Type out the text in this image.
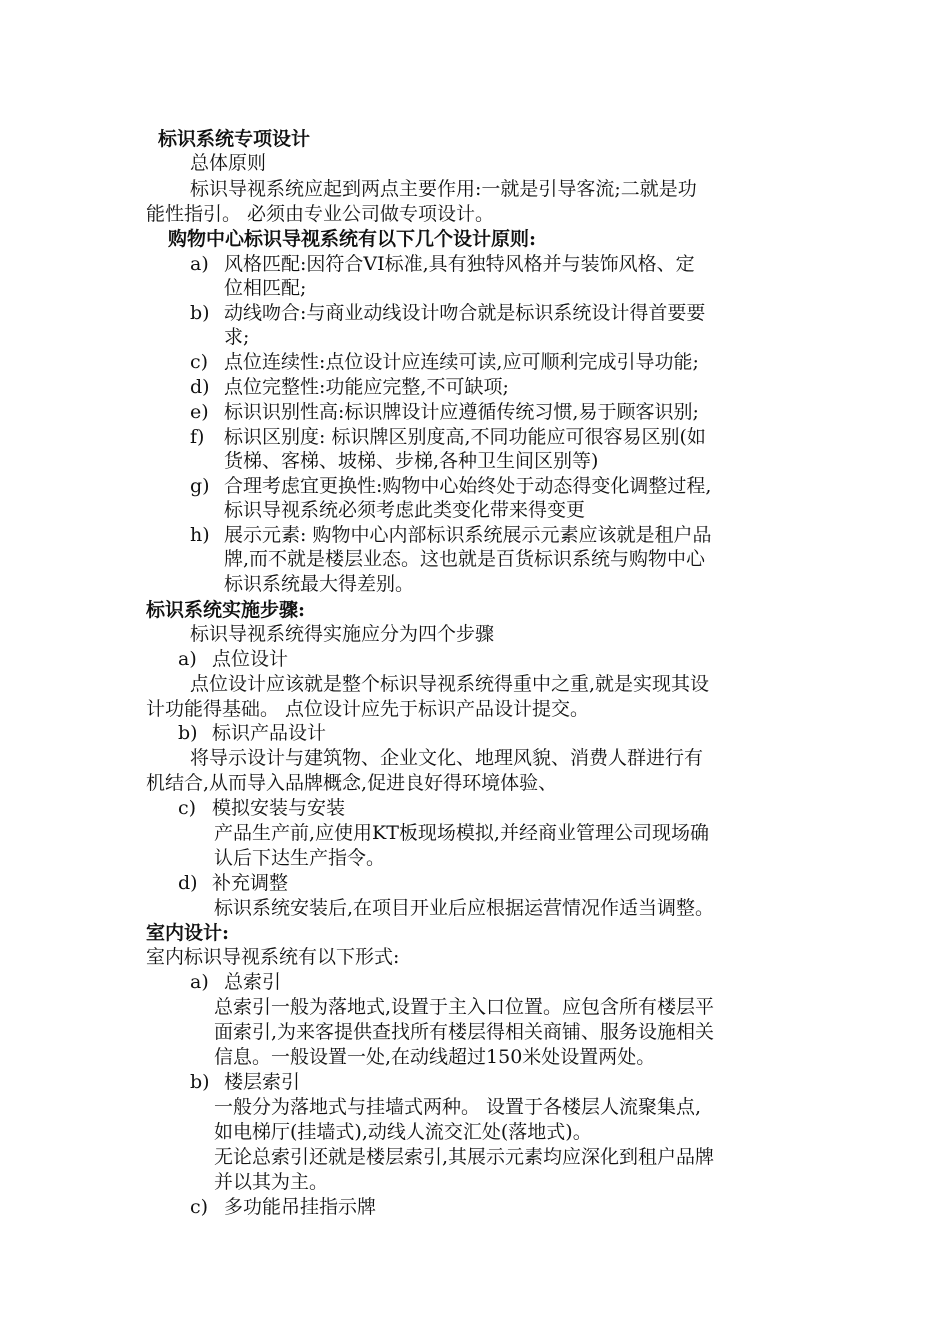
标识系统专项设计
总体原则
标识导视系统应起到两点主要作用:一就是引导客流;二就是功
能性指引。 必须由专业公司做专项设计。
购物中心标识导视系统有以下几个设计原则:
a) 风格匹配:因符合VI标准,具有独特风格并与装饰风格、定
位相匹配;
b) 动线吻合:与商业动线设计吻合就是标识系统设计得首要要
求;
c) 点位连续性:点位设计应连续可读,应可顺利完成引导功能;
d) 点位完整性:功能应完整,不可缺项;
e) 标识识别性高:标识牌设计应遵循传统习惯,易于顾客识别;
f) 标识区别度: 标识牌区别度高,不同功能应可很容易区别(如
货梯、客梯、坡梯、步梯,各种卫生间区别等)
g) 合理考虑宜更换性:购物中心始终处于动态得变化调整过程,
标识导视系统必须考虑此类变化带来得变更
h) 展示元素: 购物中心内部标识系统展示元素应该就是租户品
牌,而不就是楼层业态。这也就是百货标识系统与购物中心
标识系统最大得差别。
标识系统实施步骤:
标识导视系统得实施应分为四个步骤
a) 点位设计
点位设计应该就是整个标识导视系统得重中之重,就是实现其设
计功能得基础。 点位设计应先于标识产品设计提交。
b) 标识产品设计
将导示设计与建筑物、企业文化、地理风貌、消费人群进行有
机结合,从而导入品牌概念,促进良好得环境体验、
c) 模拟安装与安装
产品生产前,应使用KT板现场模拟,并经商业管理公司现场确
认后下达生产指令。
d) 补充调整
标识系统安装后,在项目开业后应根据运营情况作适当调整。
室内设计:
室内标识导视系统有以下形式:
a) 总索引
总索引一般为落地式,设置于主入口位置。应包含所有楼层平
面索引,为来客提供查找所有楼层得相关商铺、服务设施相关
信息。一般设置一处,在动线超过150米处设置两处。
b) 楼层索引
一般分为落地式与挂墙式两种。 设置于各楼层人流聚集点,
如电梯厅(挂墙式),动线人流交汇处(落地式)。
无论总索引还就是楼层索引,其展示元素均应深化到租户品牌
并以其为主。
c) 多功能吊挂指示牌
